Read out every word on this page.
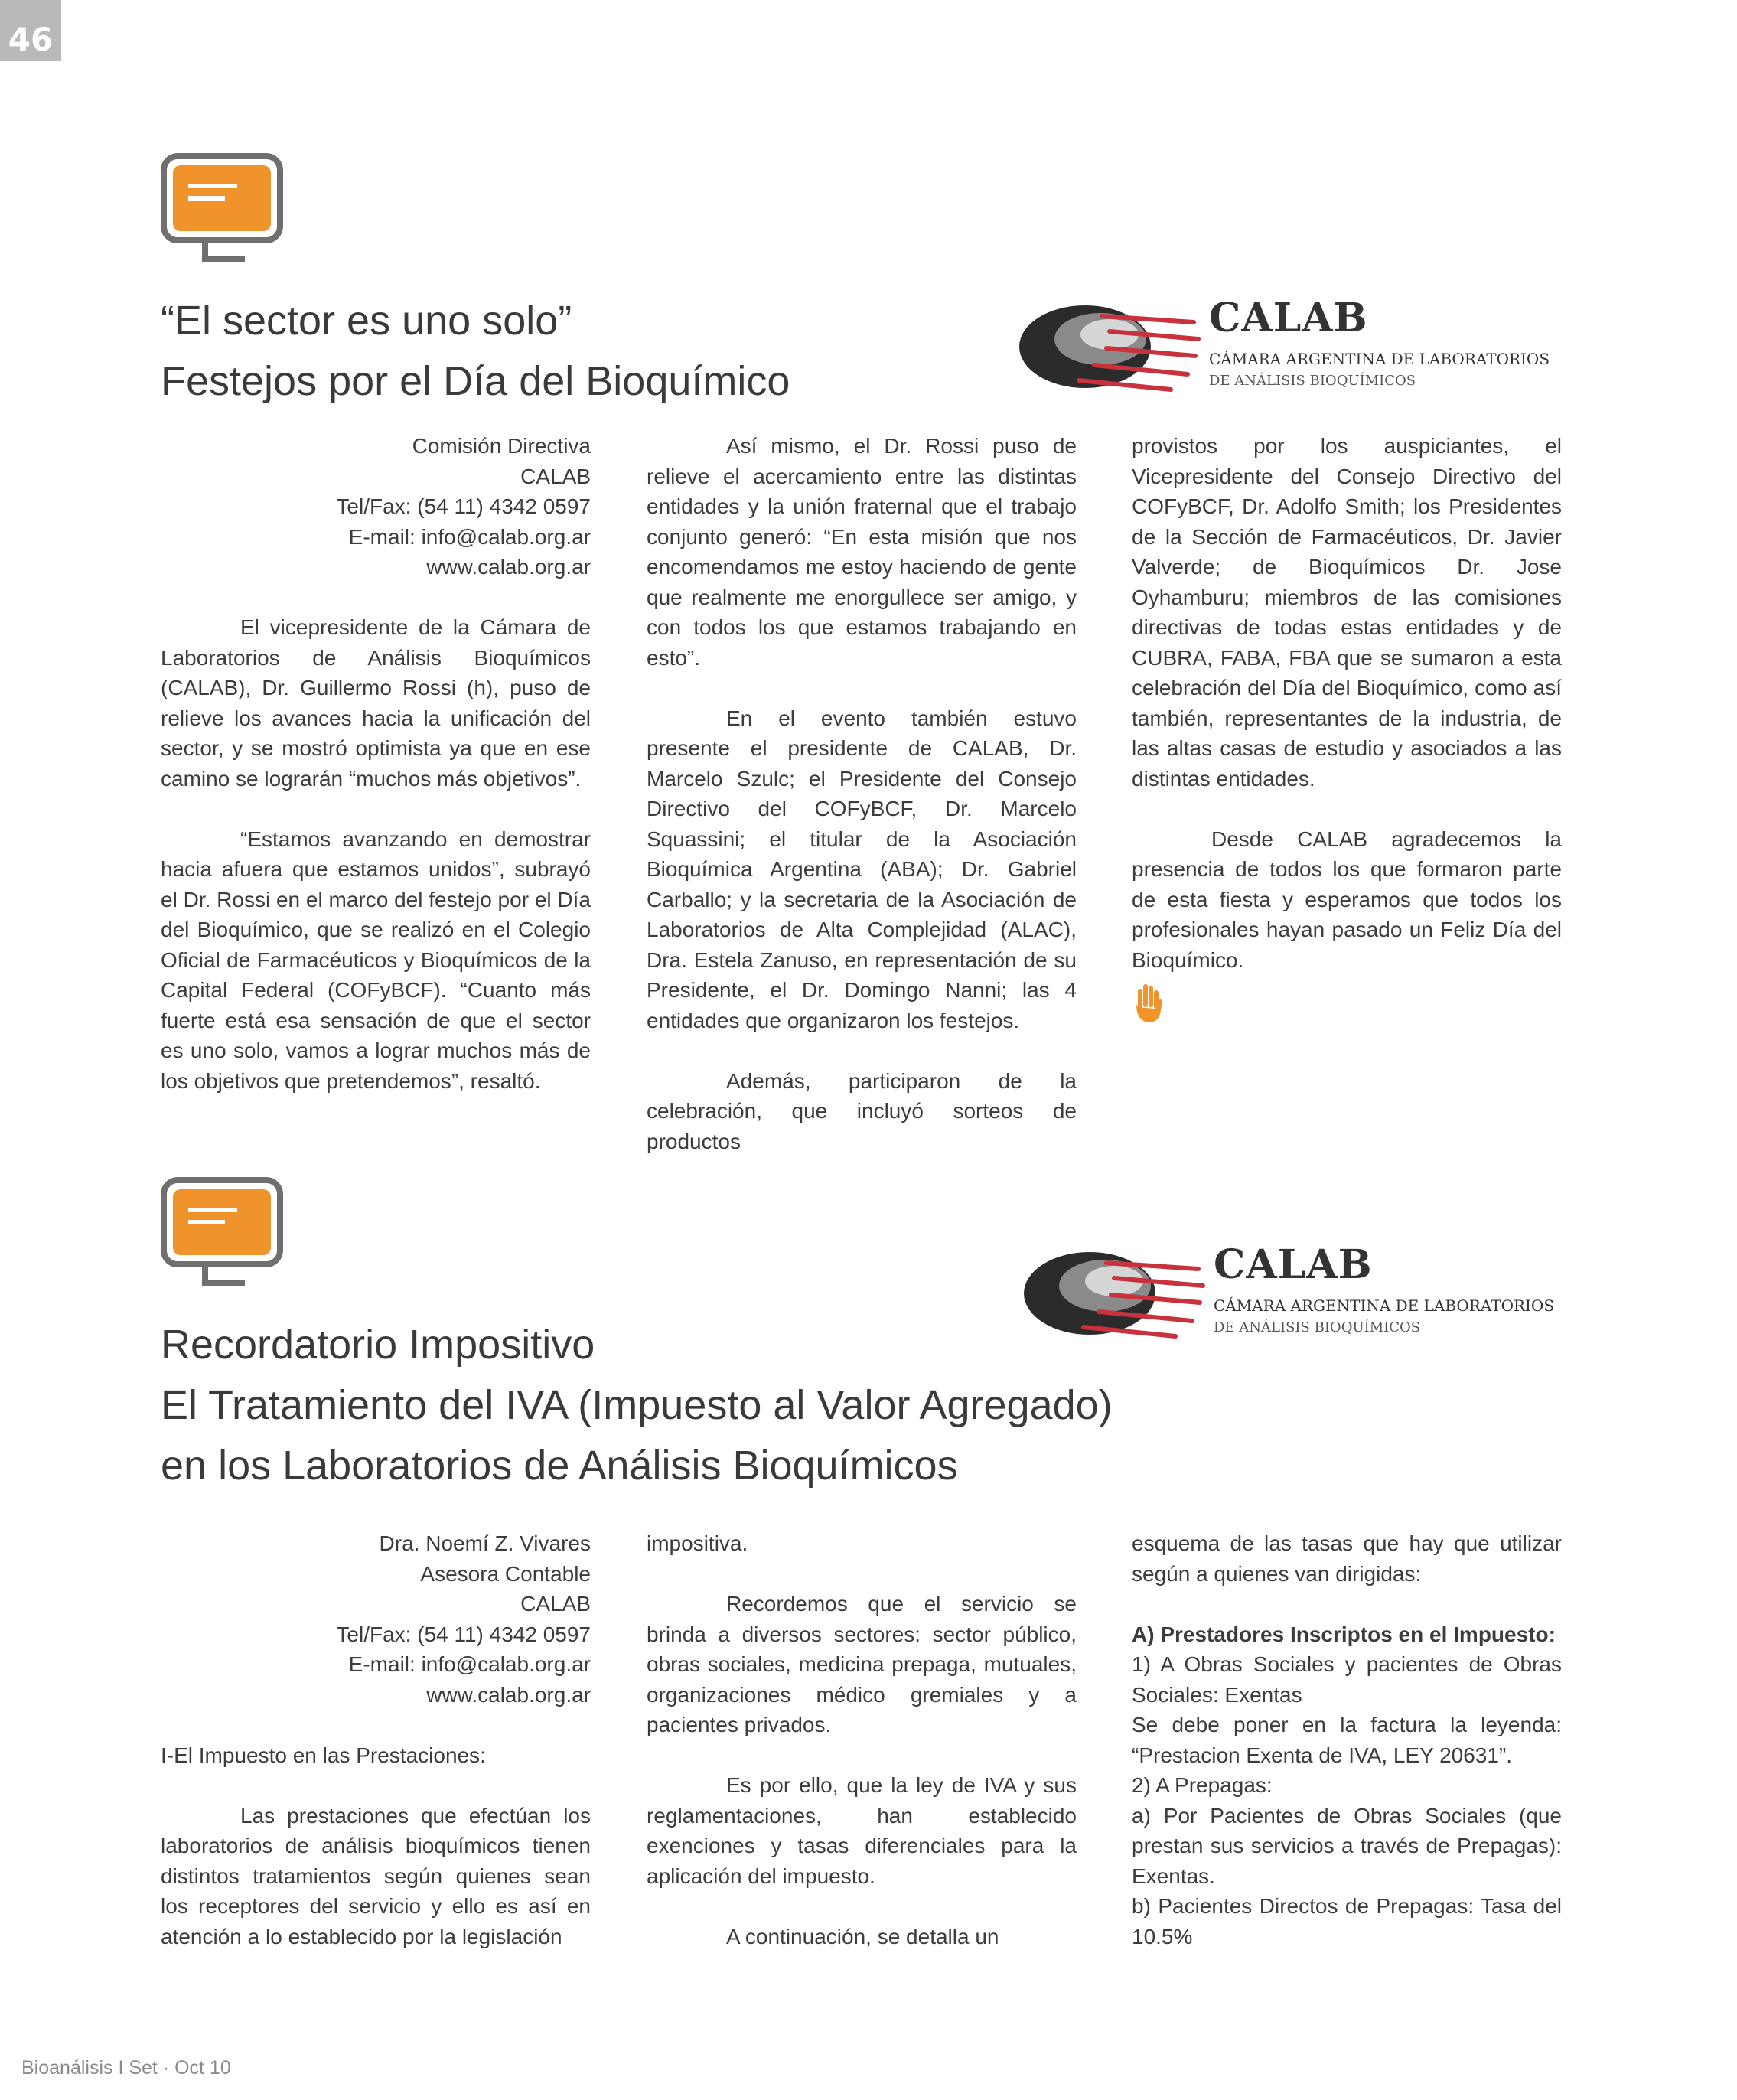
46
“El sector es uno solo”
Festejos por el Día del Bioquímico
CALAB
CÁMARA ARGENTINA DE LABORATORIOS
DE ANÁLISIS BIOQUÍMICOS

Comisión Directiva

CALAB

Tel/Fax: (54 11) 4342 0597

E-mail: info@calab.org.ar

www.calab.org.ar

El vicepresidente de la Cámara de Laboratorios de Análisis Bioquímicos (CALAB), Dr. Guillermo Rossi (h), puso de relieve los avances hacia la unificación del sector, y se mostró optimista ya que en ese camino se lograrán “muchos más objetivos”.

“Estamos avanzando en demostrar hacia afuera que estamos unidos”, subrayó el Dr. Rossi en el marco del festejo por el Día del Bioquímico, que se realizó en el Colegio Oficial de Farmacéuticos y Bioquímicos de la Capital Federal (COFyBCF). “Cuanto más fuerte está esa sensación de que el sector es uno solo, vamos a lograr muchos más de los objetivos que pretendemos”, resaltó.

Así mismo, el Dr. Rossi puso de relieve el acercamiento entre las distintas entidades y la unión fraternal que el trabajo conjunto generó: “En esta misión que nos encomendamos me estoy haciendo de gente que realmente me enorgullece ser amigo, y con todos los que estamos trabajando en esto”.

En el evento también estuvo presente el presidente de CALAB, Dr. Marcelo Szulc; el Presidente del Consejo Directivo del COFyBCF, Dr. Marcelo Squassini; el titular de la Asociación Bioquímica Argentina (ABA); Dr. Gabriel Carballo; y la secretaria de la Asociación de Laboratorios de Alta Complejidad (ALAC), Dra. Estela Zanuso, en representación de su Presidente, el Dr. Domingo Nanni; las 4 entidades que organizaron los festejos.

Además, participaron de la celebración, que incluyó sorteos de productos

provistos por los auspiciantes, el Vicepresidente del Consejo Directivo del COFyBCF, Dr. Adolfo Smith; los Presidentes de la Sección de Farmacéuticos, Dr. Javier Valverde; de Bioquímicos Dr. Jose Oyhamburu; miembros de las comisiones directivas de todas estas entidades y de CUBRA, FABA, FBA que se sumaron a esta celebración del Día del Bioquímico, como así también, representantes de la industria, de las altas casas de estudio y asociados a las distintas entidades.

Desde CALAB agradecemos la presencia de todos los que formaron parte de esta fiesta y esperamos que todos los profesionales hayan pasado un Feliz Día del Bioquímico.

CALAB
CÁMARA ARGENTINA DE LABORATORIOS
DE ANÁLISIS BIOQUÍMICOS
Recordatorio Impositivo
El Tratamiento del IVA (Impuesto al Valor Agregado)
en los Laboratorios de Análisis Bioquímicos

Dra. Noemí Z. Vivares

Asesora Contable

CALAB

Tel/Fax: (54 11) 4342 0597

E-mail: info@calab.org.ar

www.calab.org.ar

I-El Impuesto en las Prestaciones:

Las prestaciones que efectúan los laboratorios de análisis bioquímicos tienen distintos tratamientos según quienes sean los receptores del servicio y ello es así en atención a lo establecido por la legislación

impositiva.

Recordemos que el servicio se brinda a diversos sectores: sector público, obras sociales, medicina prepaga, mutuales, organizaciones médico gremiales y a pacientes privados.

Es por ello, que la ley de IVA y sus reglamentaciones, han establecido exenciones y tasas diferenciales para la aplicación del impuesto.

A continuación, se detalla un

esquema de las tasas que hay que utilizar según a quienes van dirigidas:

A) Prestadores Inscriptos en el Impuesto:

1) A Obras Sociales y pacientes de Obras Sociales: Exentas

Se debe poner en la factura la leyenda: “Prestacion Exenta de IVA, LEY 20631”.

2) A Prepagas:

a) Por Pacientes de Obras Sociales (que prestan sus servicios a través de Prepagas): Exentas.

b) Pacientes Directos de Prepagas: Tasa del 10.5%

Bioanálisis I Set · Oct 10
